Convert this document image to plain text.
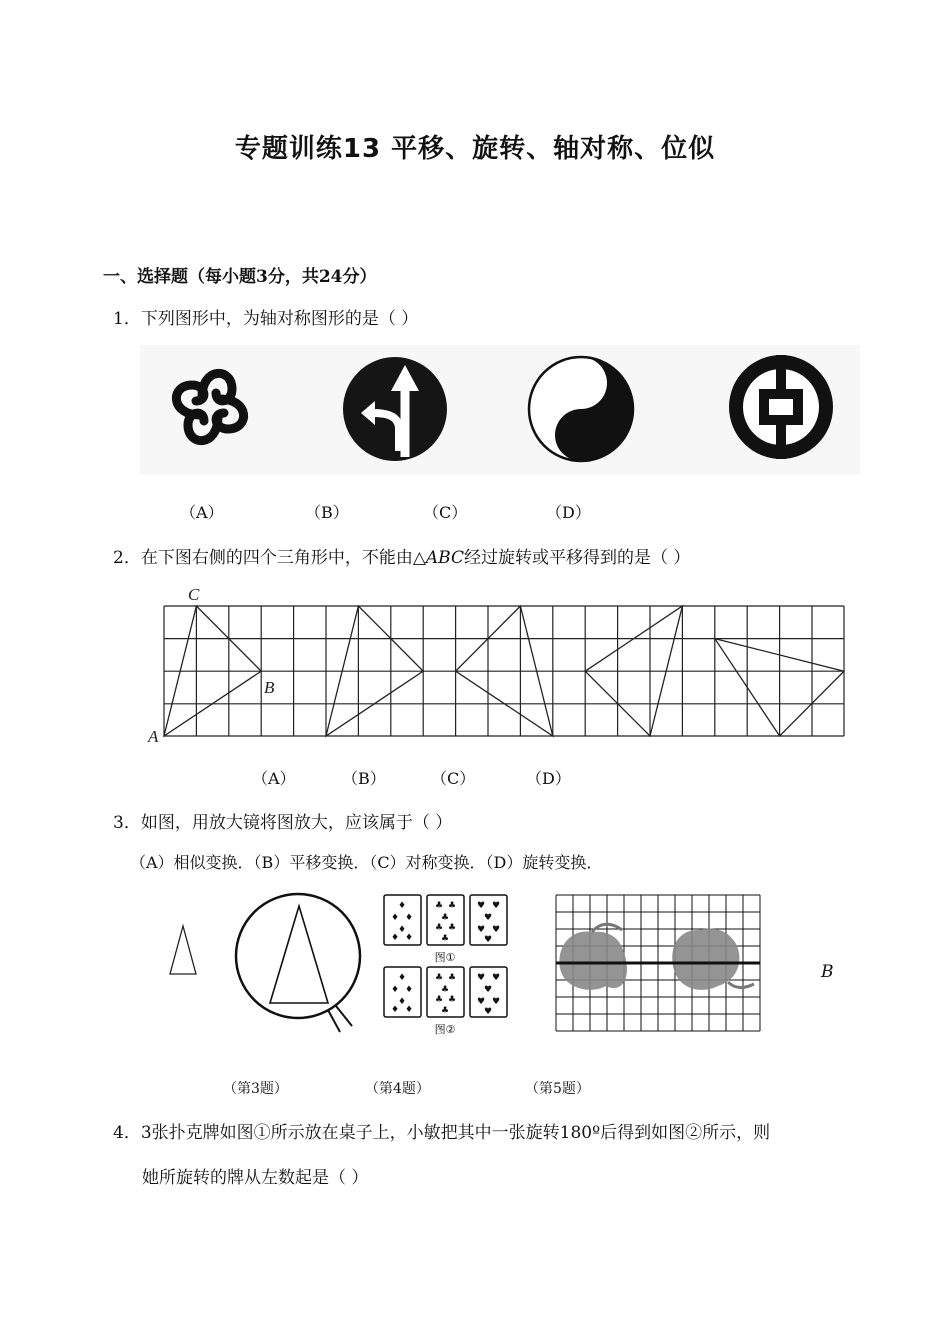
专题训练13 平移、旋转、轴对称、位似
一、选择题（每小题3分，共24分）
1．下列图形中，为轴对称图形的是（ ）
（A）	（B）	（C）	（D）
2．在下图右侧的四个三角形中，不能由△ABC经过旋转或平移得到的是（ ）
C
B
A
（A）	（B）	（C）	（D）
3．如图，用放大镜将图放大，应该属于（ ）
（A）相似变换．（B）平移变换．（C）对称变换．（D）旋转变换．
♦
♦ ♦
♦
♦ ♦
♣ ♣
♣
♣ ♣
♣
♥ ♥
♥
♥ ♥
♥
♦
♦ ♦
♦
♦ ♦
♣ ♣
♣
♣ ♣
♣
♥ ♥
♥
♥ ♥
♥
图①
图②
B
（第3题）	（第4题）	（第5题）
4．3张扑克牌如图①所示放在桌子上，小敏把其中一张旋转180º后得到如图②所示，则
她所旋转的牌从左数起是（ ）
